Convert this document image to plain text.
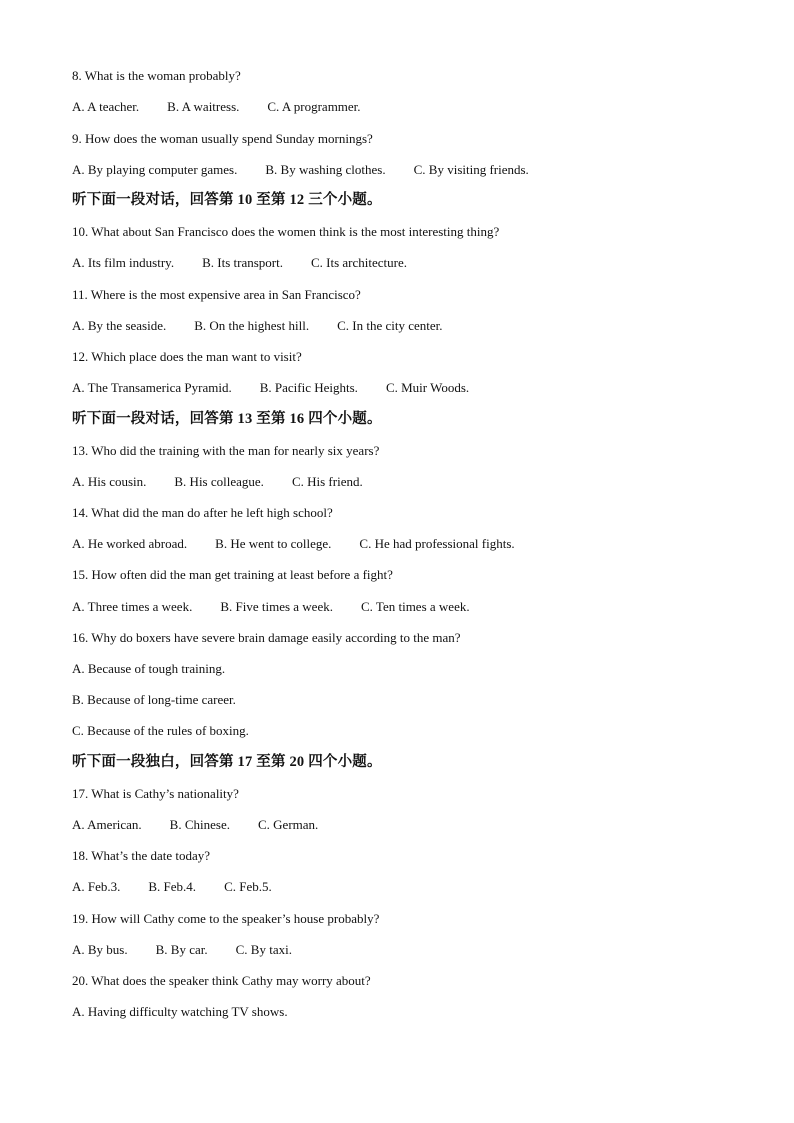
8. What is the woman probably?
A. A teacher. B. A waitress. C. A programmer.
9. How does the woman usually spend Sunday mornings?
A. By playing computer games. B. By washing clothes. C. By visiting friends.
听下面一段对话，回答第 10 至第 12 三个小题。
10. What about San Francisco does the women think is the most interesting thing?
A. Its film industry. B. Its transport. C. Its architecture.
11. Where is the most expensive area in San Francisco?
A. By the seaside. B. On the highest hill. C. In the city center.
12. Which place does the man want to visit?
A. The Transamerica Pyramid. B. Pacific Heights. C. Muir Woods.
听下面一段对话，回答第 13 至第 16 四个小题。
13. Who did the training with the man for nearly six years?
A. His cousin. B. His colleague. C. His friend.
14. What did the man do after he left high school?
A. He worked abroad. B. He went to college. C. He had professional fights.
15. How often did the man get training at least before a fight?
A. Three times a week. B. Five times a week. C. Ten times a week.
16. Why do boxers have severe brain damage easily according to the man?
A. Because of tough training.
B. Because of long-time career.
C. Because of the rules of boxing.
听下面一段独白，回答第 17 至第 20 四个小题。
17. What is Cathy’s nationality?
A. American. B. Chinese. C. German.
18. What’s the date today?
A. Feb.3. B. Feb.4. C. Feb.5.
19. How will Cathy come to the speaker’s house probably?
A. By bus. B. By car. C. By taxi.
20. What does the speaker think Cathy may worry about?
A. Having difficulty watching TV shows.
